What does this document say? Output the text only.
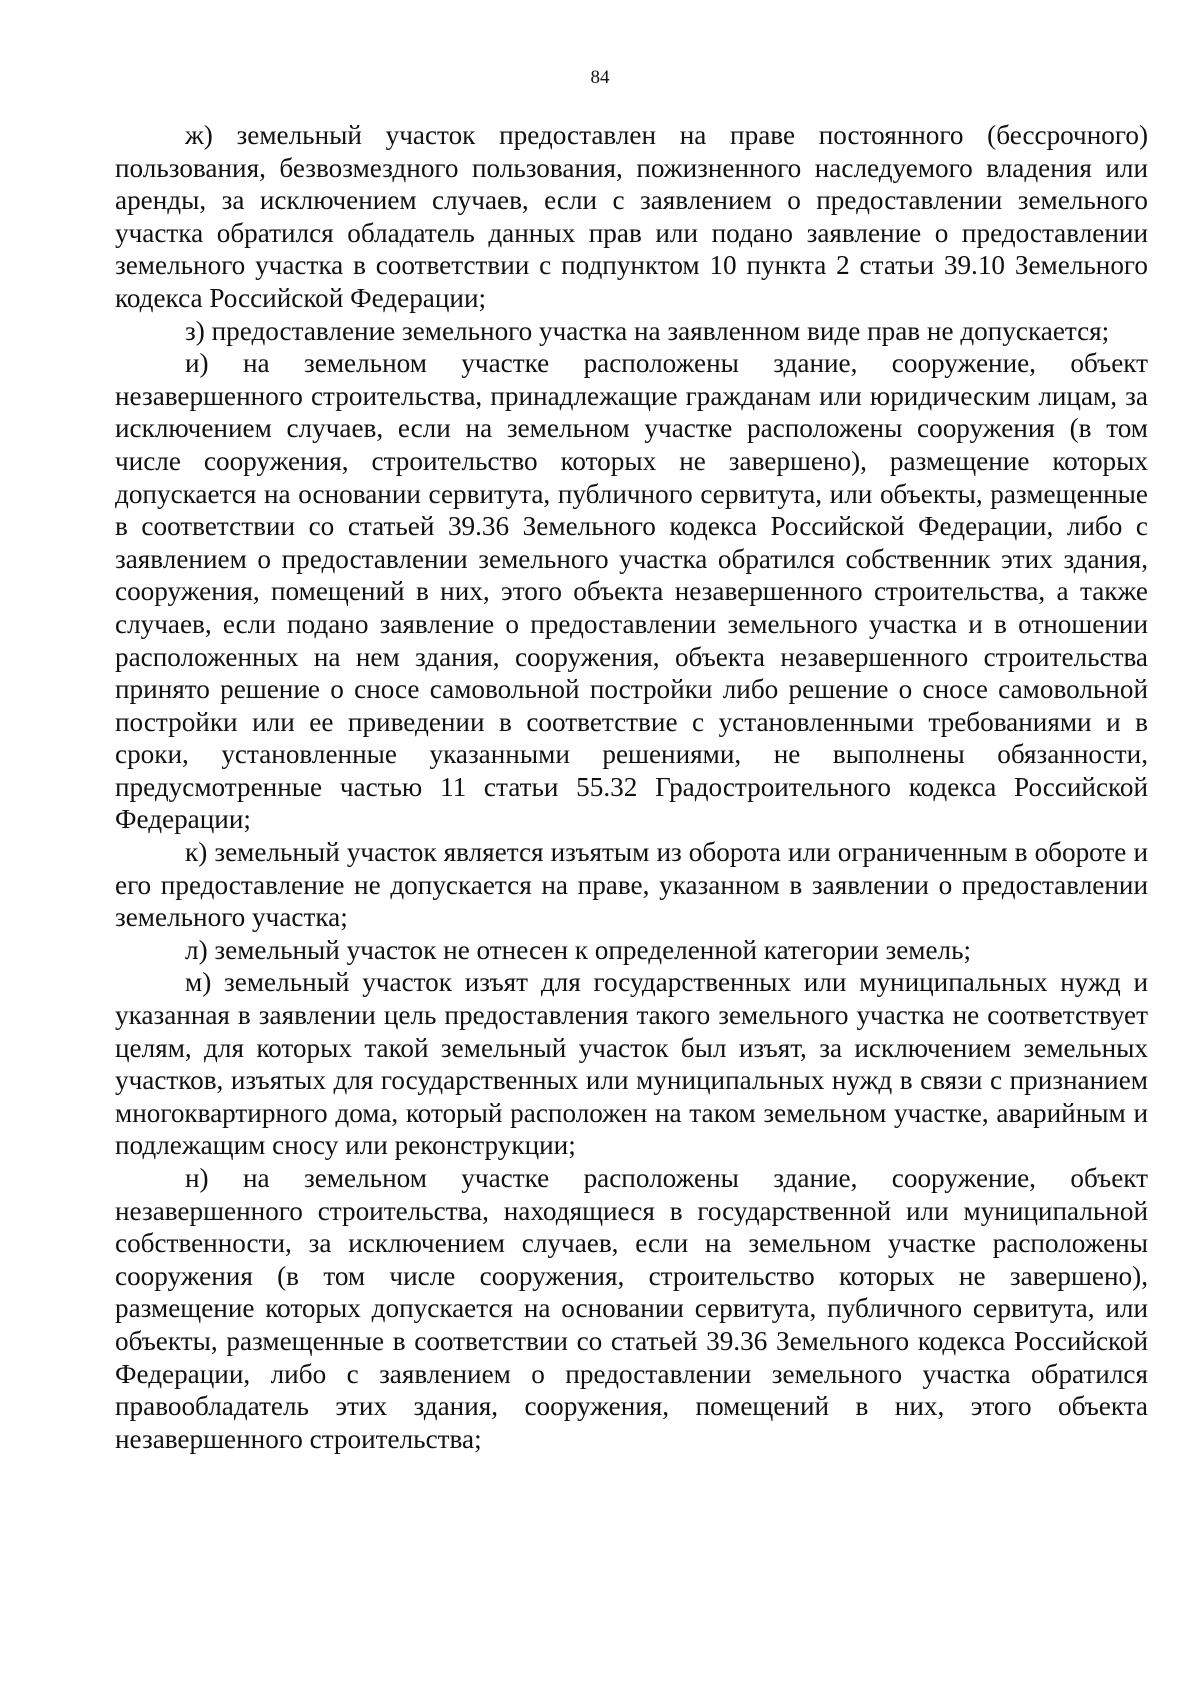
84

ж) земельный участок предоставлен на праве постоянного (бессрочного) пользования, безвозмездного пользования, пожизненного наследуемого владения или аренды, за исключением случаев, если с заявлением о предоставлении земельного участка обратился обладатель данных прав или подано заявление о предоставлении земельного участка в соответствии с подпунктом 10 пункта 2 статьи 39.10 Земельного кодекса Российской Федерации;

з) предоставление земельного участка на заявленном виде прав не допускается;

и) на земельном участке расположены здание, сооружение, объект незавершенного строительства, принадлежащие гражданам или юридическим лицам, за исключением случаев, если на земельном участке расположены сооружения (в том числе сооружения, строительство которых не завершено), размещение которых допускается на основании сервитута, публичного сервитута, или объекты, размещенные в соответствии со статьей 39.36 Земельного кодекса Российской Федерации, либо с заявлением о предоставлении земельного участка обратился собственник этих здания, сооружения, помещений в них, этого объекта незавершенного строительства, а также случаев, если подано заявление о предоставлении земельного участка и в отношении расположенных на нем здания, сооружения, объекта незавершенного строительства принято решение о сносе самовольной постройки либо решение о сносе самовольной постройки или ее приведении в соответствие с установленными требованиями и в сроки, установленные указанными решениями, не выполнены обязанности, предусмотренные частью 11 статьи 55.32 Градостроительного кодекса Российской Федерации;

к) земельный участок является изъятым из оборота или ограниченным в обороте и его предоставление не допускается на праве, указанном в заявлении о предоставлении земельного участка;

л) земельный участок не отнесен к определенной категории земель;

м) земельный участок изъят для государственных или муниципальных нужд и указанная в заявлении цель предоставления такого земельного участка не соответствует целям, для которых такой земельный участок был изъят, за исключением земельных участков, изъятых для государственных или муниципальных нужд в связи с признанием многоквартирного дома, который расположен на таком земельном участке, аварийным и подлежащим сносу или реконструкции;

н) на земельном участке расположены здание, сооружение, объект незавершенного строительства, находящиеся в государственной или муниципальной собственности, за исключением случаев, если на земельном участке расположены сооружения (в том числе сооружения, строительство которых не завершено), размещение которых допускается на основании сервитута, публичного сервитута, или объекты, размещенные в соответствии со статьей 39.36 Земельного кодекса Российской Федерации, либо с заявлением о предоставлении земельного участка обратился правообладатель этих здания, сооружения, помещений в них, этого объекта незавершенного строительства;
